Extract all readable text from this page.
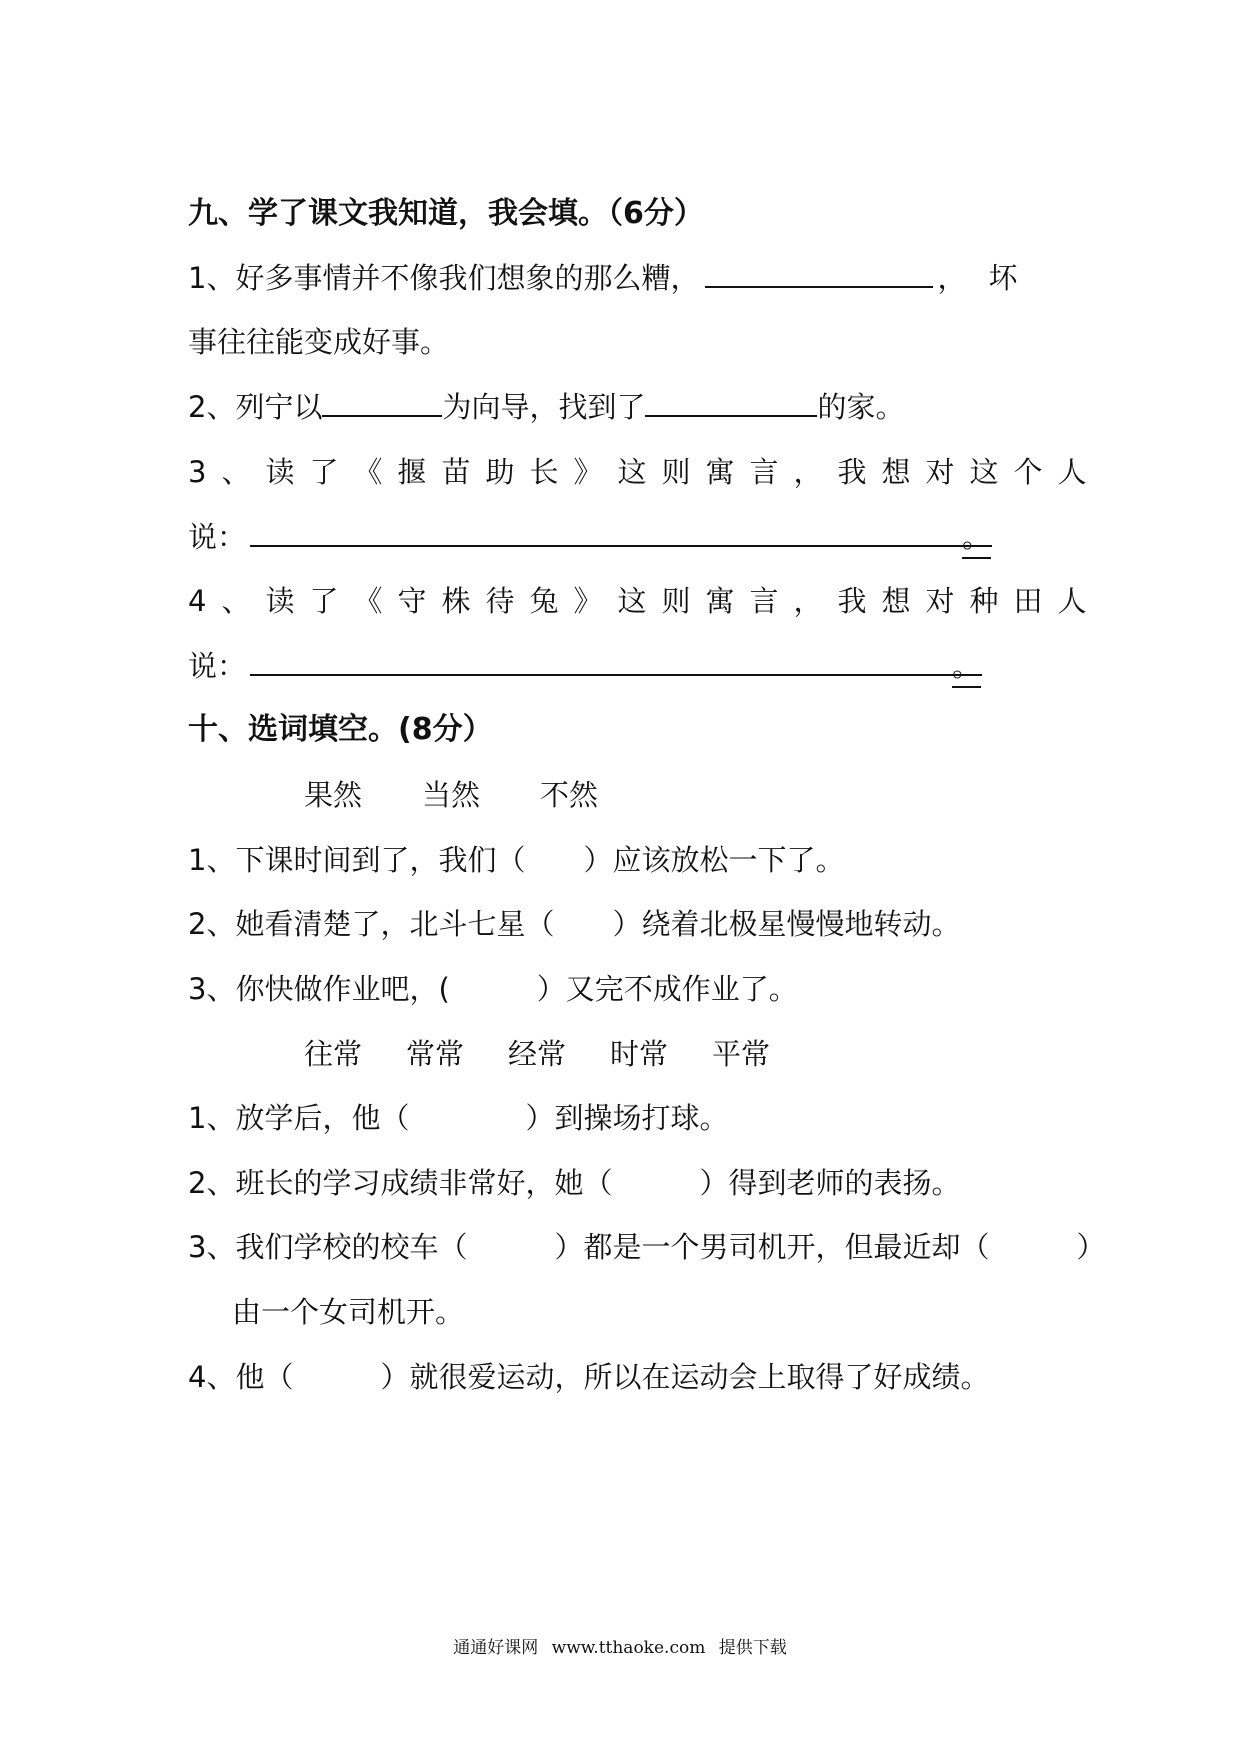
九、学了课文我知道，我会填。（6分）
1、好多事情并不像我们想象的那么糟，	，坏
事往往能变成好事。
2、列宁以	为向导，找到了	的家。
3、读了《揠苗助长》这则寓言，我想对这个人
说：	。
4、读了《守株待兔》这则寓言，我想对种田人
说：	。
十、选词填空。(8分）
果然 当然 不然
1、下课时间到了，我们（　　）应该放松一下了。
2、她看清楚了，北斗七星（　　）绕着北极星慢慢地转动。
3、你快做作业吧，(　　　）又完不成作业了。
往常 常常 经常 时常 平常
1、放学后，他（　　　　）到操场打球。
2、班长的学习成绩非常好，她（　　　）得到老师的表扬。
3、我们学校的校车（　　　）都是一个男司机开，但最近却（　　　）
由一个女司机开。
4、他（　　　）就很爱运动，所以在运动会上取得了好成绩。
通通好课网 www.tthaoke.com 提供下载
